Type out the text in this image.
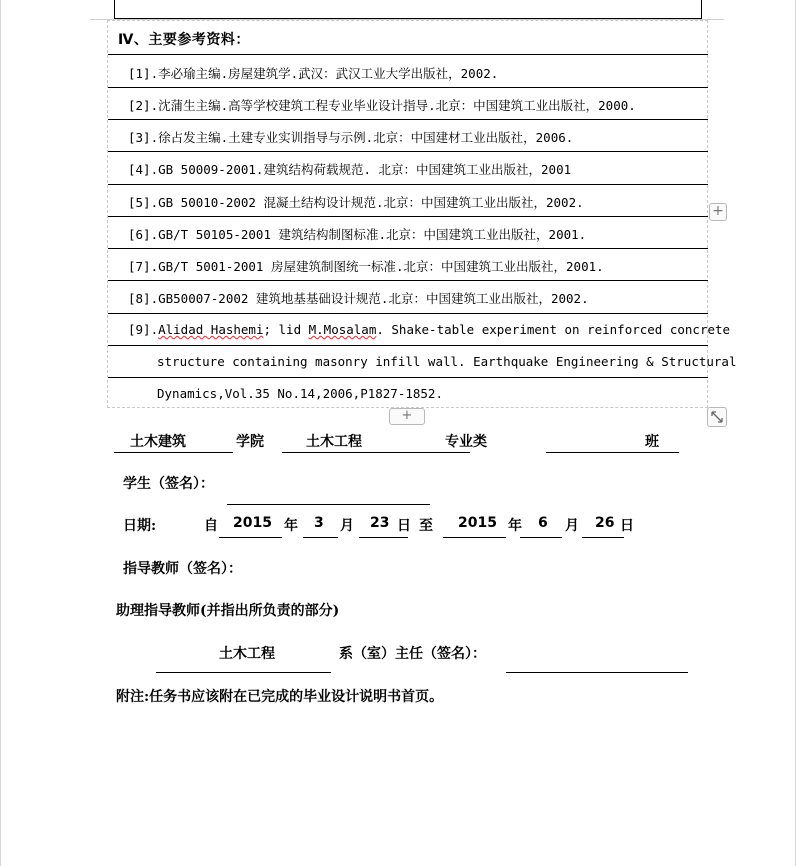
Ⅳ、主要参考资料：
[1].李必瑜主编.房屋建筑学.武汉：武汉工业大学出版社，2002.
[2].沈蒲生主编.高等学校建筑工程专业毕业设计指导.北京：中国建筑工业出版社，2000.
[3].徐占发主编.土建专业实训指导与示例.北京：中国建材工业出版社，2006.
[4].GB 50009-2001.建筑结构荷载规范. 北京：中国建筑工业出版社，2001
[5].GB 50010-2002 混凝土结构设计规范.北京：中国建筑工业出版社，2002.
[6].GB/T 50105-2001 建筑结构制图标准.北京：中国建筑工业出版社，2001.
[7].GB/T 5001-2001 房屋建筑制图统一标准.北京：中国建筑工业出版社，2001.
[8].GB50007-2002 建筑地基基础设计规范.北京：中国建筑工业出版社，2002.
[9].Alidad Hashemi; lid M.Mosalam. Shake-table experiment on reinforced concrete
structure containing masonry infill wall. Earthquake Engineering & Structural
Dynamics,Vol.35 No.14,2006,P1827-1852.
+
+
土木建筑	学院	土木工程	专业类	班
学生（签名）：
日期:	自 2015 年 3 月 23 日 至 2015 年 6 月 26 日
指导教师（签名）：
助理指导教师(并指出所负责的部分)
土木工程	系（室）主任（签名）：
附注:任务书应该附在已完成的毕业设计说明书首页。
